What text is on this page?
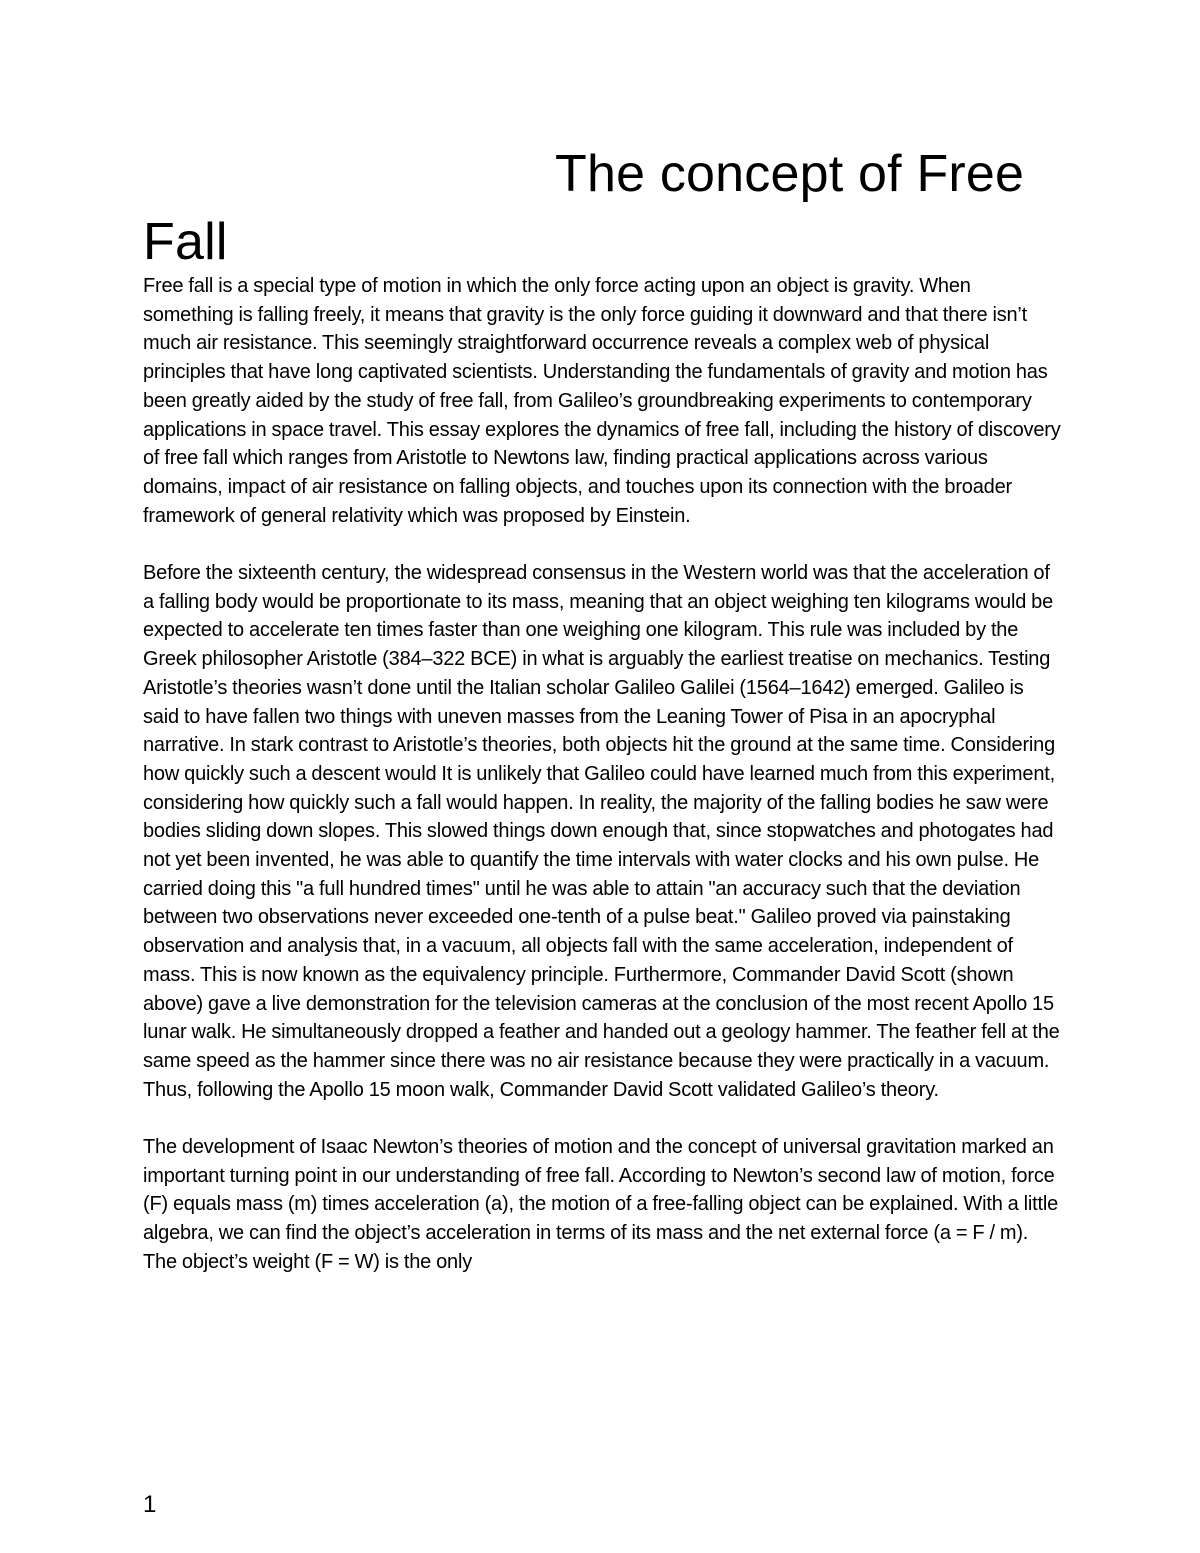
The concept of Free Fall

Free fall is a special type of motion in which the only force acting upon an object is gravity. When something is falling freely, it means that gravity is the only force guiding it downward and that there isn’t much air resistance. This seemingly straightforward occurrence reveals a complex web of physical principles that have long captivated scientists. Understanding the fundamentals of gravity and motion has been greatly aided by the study of free fall, from Galileo’s groundbreaking experiments to contemporary applications in space travel. This essay explores the dynamics of free fall, including the history of discovery of free fall which ranges from Aristotle to Newtons law, finding practical applications across various domains, impact of air resistance on falling objects, and touches upon its connection with the broader framework of general relativity which was proposed by Einstein.

Before the sixteenth century, the widespread consensus in the Western world was that the acceleration of a falling body would be proportionate to its mass, meaning that an object weighing ten kilograms would be expected to accelerate ten times faster than one weighing one kilogram. This rule was included by the Greek philosopher Aristotle (384–322 BCE) in what is arguably the earliest treatise on mechanics. Testing Aristotle’s theories wasn’t done until the Italian scholar Galileo Galilei (1564–1642) emerged. Galileo is said to have fallen two things with uneven masses from the Leaning Tower of Pisa in an apocryphal narrative. In stark contrast to Aristotle’s theories, both objects hit the ground at the same time. Considering how quickly such a descent would It is unlikely that Galileo could have learned much from this experiment, considering how quickly such a fall would happen. In reality, the majority of the falling bodies he saw were bodies sliding down slopes. This slowed things down enough that, since stopwatches and photogates had not yet been invented, he was able to quantify the time intervals with water clocks and his own pulse. He carried doing this "a full hundred times" until he was able to attain "an accuracy such that the deviation between two observations never exceeded one-tenth of a pulse beat." Galileo proved via painstaking observation and analysis that, in a vacuum, all objects fall with the same acceleration, independent of mass. This is now known as the equivalency principle. Furthermore, Commander David Scott (shown above) gave a live demonstration for the television cameras at the conclusion of the most recent Apollo 15 lunar walk. He simultaneously dropped a feather and handed out a geology hammer. The feather fell at the same speed as the hammer since there was no air resistance because they were practically in a vacuum. Thus, following the Apollo 15 moon walk, Commander David Scott validated Galileo’s theory.

The development of Isaac Newton’s theories of motion and the concept of universal gravitation marked an important turning point in our understanding of free fall. According to Newton’s second law of motion, force (F) equals mass (m) times acceleration (a), the motion of a free-falling object can be explained. With a little algebra, we can find the object’s acceleration in terms of its mass and the net external force (a = F / m). The object’s weight (F = W) is the only

1
